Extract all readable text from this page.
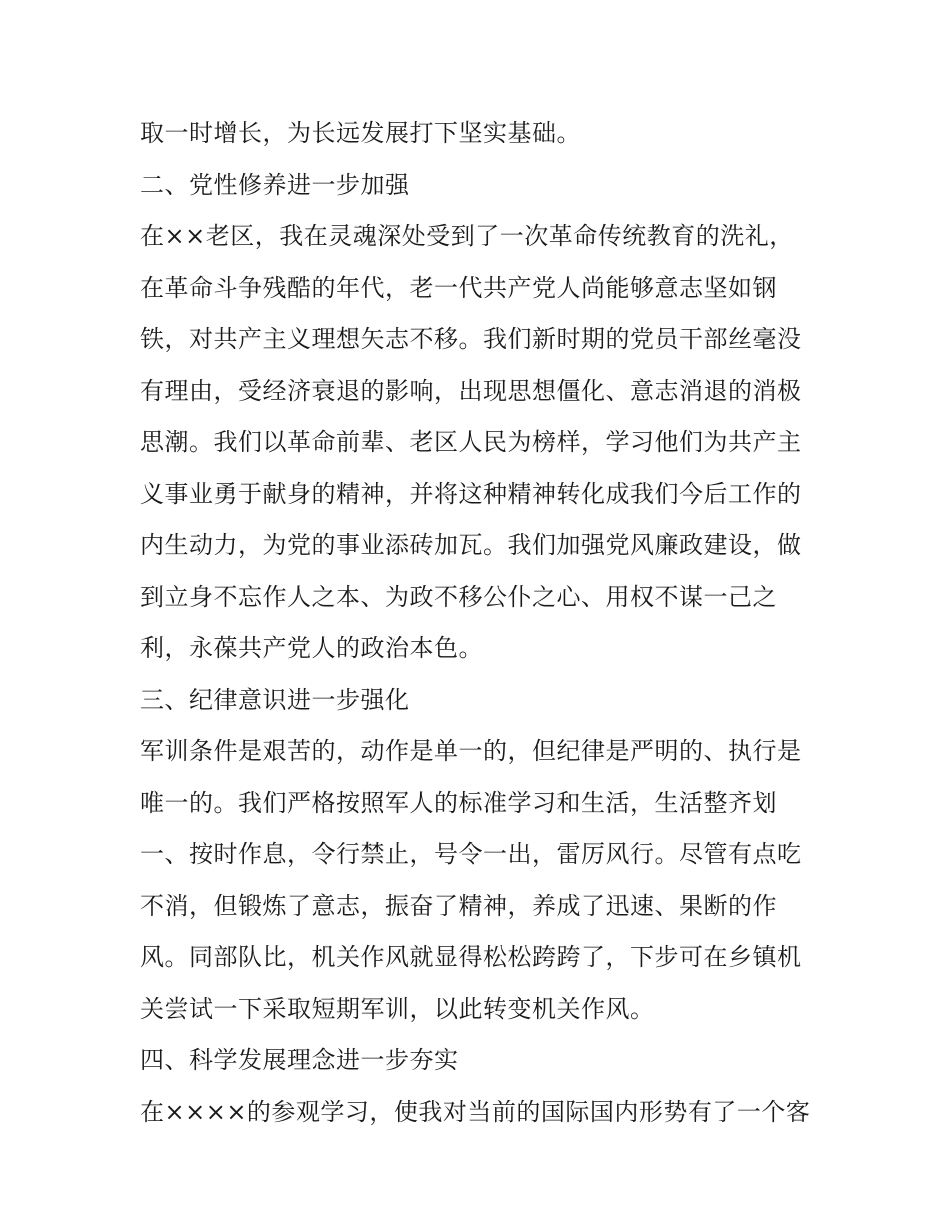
取一时增长，为长远发展打下坚实基础。
二、党性修养进一步加强
在××老区，我在灵魂深处受到了一次革命传统教育的洗礼，
在革命斗争残酷的年代，老一代共产党人尚能够意志坚如钢
铁，对共产主义理想矢志不移。我们新时期的党员干部丝毫没
有理由，受经济衰退的影响，出现思想僵化、意志消退的消极
思潮。我们以革命前辈、老区人民为榜样，学习他们为共产主
义事业勇于献身的精神，并将这种精神转化成我们今后工作的
内生动力，为党的事业添砖加瓦。我们加强党风廉政建设，做
到立身不忘作人之本、为政不移公仆之心、用权不谋一己之
利，永葆共产党人的政治本色。
三、纪律意识进一步强化
军训条件是艰苦的，动作是单一的，但纪律是严明的、执行是
唯一的。我们严格按照军人的标准学习和生活，生活整齐划
一、按时作息，令行禁止，号令一出，雷厉风行。尽管有点吃
不消，但锻炼了意志，振奋了精神，养成了迅速、果断的作
风。同部队比，机关作风就显得松松跨跨了，下步可在乡镇机
关尝试一下采取短期军训，以此转变机关作风。
四、科学发展理念进一步夯实
在××××的参观学习，使我对当前的国际国内形势有了一个客
